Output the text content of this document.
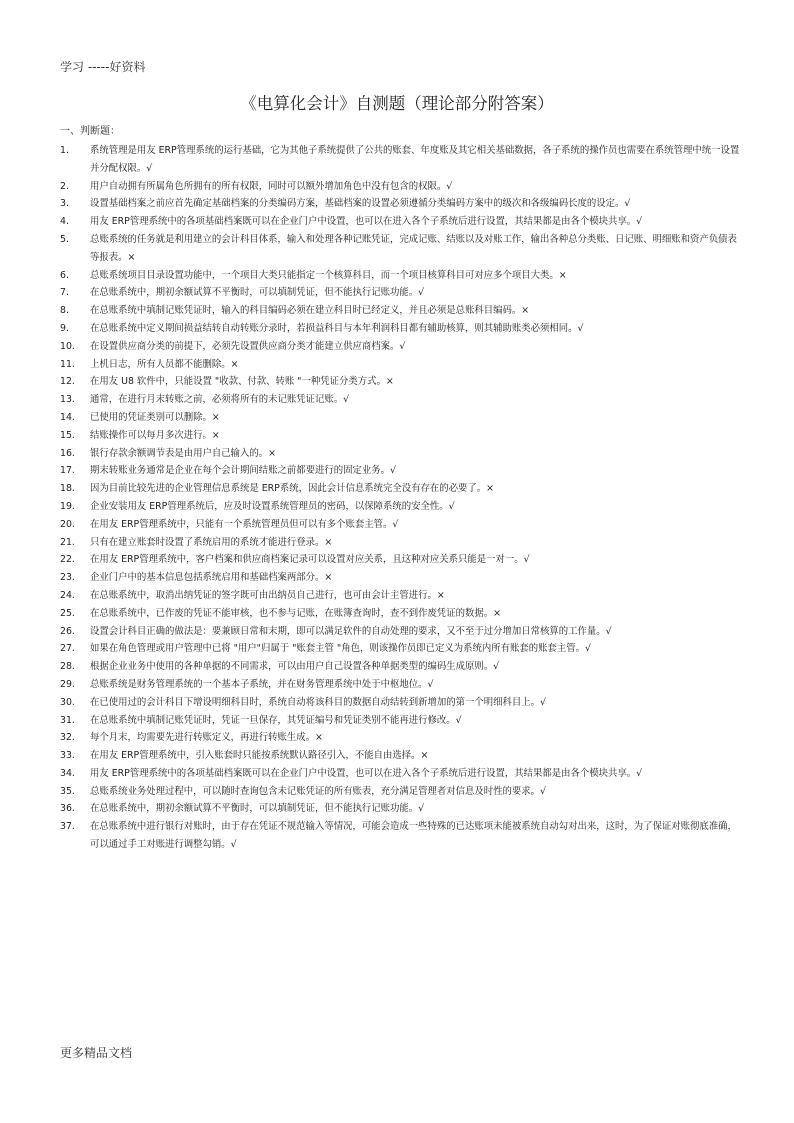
学习 -----好资料
《电算化会计》自测题（理论部分附答案）
一、判断题：
1.	系统管理是用友 ERP管理系统的运行基础，它为其他子系统提供了公共的账套、年度账及其它相关基础数据，各子系统的操作员也需要在系统管理中统一设置并分配权限。√
2.	用户自动拥有所属角色所拥有的所有权限，同时可以额外增加角色中没有包含的权限。√
3.	设置基础档案之前应首先确定基础档案的分类编码方案，基础档案的设置必须遵循分类编码方案中的级次和各级编码长度的设定。√
4.	用友 ERP管理系统中的各项基础档案既可以在企业门户中设置，也可以在进入各个子系统后进行设置，其结果都是由各个模块共享。√
5.	总账系统的任务就是利用建立的会计科目体系，输入和处理各种记账凭证，完成记账、结账以及对账工作，输出各种总分类账、日记账、明细账和资产负债表等报表。×
6.	总账系统项目目录设置功能中，一个项目大类只能指定一个核算科目，而一个项目核算科目可对应多个项目大类。×
7.	在总账系统中，期初余额试算不平衡时，可以填制凭证，但不能执行记账功能。√
8.	在总账系统中填制记账凭证时，输入的科目编码必须在建立科目时已经定义，并且必须是总账科目编码。×
9.	在总账系统中定义期间损益结转自动转账分录时，若损益科目与本年利润科目都有辅助核算，则其辅助账类必须相同。√
10.	在设置供应商分类的前提下，必须先设置供应商分类才能建立供应商档案。√
11.	上机日志，所有人员都不能删除。×
12.	在用友 U8 软件中，只能设置 "收款、付款、转账 "一种凭证分类方式。×
13.	通常，在进行月末转账之前，必须将所有的未记账凭证记账。√
14.	已使用的凭证类别可以删除。×
15.	结账操作可以每月多次进行。×
16.	银行存款余额调节表是由用户自己输入的。×
17.	期末转账业务通常是企业在每个会计期间结账之前都要进行的固定业务。√
18.	因为目前比较先进的企业管理信息系统是 ERP系统，因此会计信息系统完全没有存在的必要了。×
19.	企业安装用友 ERP管理系统后，应及时设置系统管理员的密码，以保障系统的安全性。√
20.	在用友 ERP管理系统中，只能有一个系统管理员但可以有多个账套主管。√
21.	只有在建立账套时设置了系统启用的系统才能进行登录。×
22.	在用友 ERP管理系统中，客户档案和供应商档案记录可以设置对应关系，且这种对应关系只能是一对一。√
23.	企业门户中的基本信息包括系统启用和基础档案两部分。×
24.	在总账系统中，取消出纳凭证的签字既可由出纳员自己进行，也可由会计主管进行。×
25.	在总账系统中，已作废的凭证不能审核，也不参与记账，在账簿查询时，查不到作废凭证的数据。×
26.	设置会计科目正确的做法是：要兼顾日常和末期，即可以满足软件的自动处理的要求，又不至于过分增加日常核算的工作量。√
27.	如果在角色管理或用户管理中已将 "用户"归属于 "账套主管 "角色，则该操作员即已定义为系统内所有账套的账套主管。√
28.	根据企业业务中使用的各种单据的不同需求，可以由用户自己设置各种单据类型的编码生成原则。√
29.	总账系统是财务管理系统的一个基本子系统，并在财务管理系统中处于中枢地位。√
30.	在已使用过的会计科目下增设明细科目时，系统自动将该科目的数据自动结转到新增加的第一个明细科目上。√
31.	在总账系统中填制记账凭证时，凭证一旦保存，其凭证编号和凭证类别不能再进行修改。√
32.	每个月末，均需要先进行转账定义，再进行转账生成。×
33.	在用友 ERP管理系统中，引入账套时只能按系统默认路径引入，不能自由选择。×
34.	用友 ERP管理系统中的各项基础档案既可以在企业门户中设置，也可以在进入各个子系统后进行设置，其结果都是由各个模块共享。√
35.	总账系统业务处理过程中，可以随时查询包含未记账凭证的所有账表，充分满足管理者对信息及时性的要求。√
36.	在总账系统中，期初余额试算不平衡时，可以填制凭证，但不能执行记账功能。√
37.	在总账系统中进行银行对账时，由于存在凭证不规范输入等情况，可能会造成一些特殊的已达账项未能被系统自动勾对出来，这时，为了保证对账彻底准确，可以通过手工对账进行调整勾销。√
更多精品文档
